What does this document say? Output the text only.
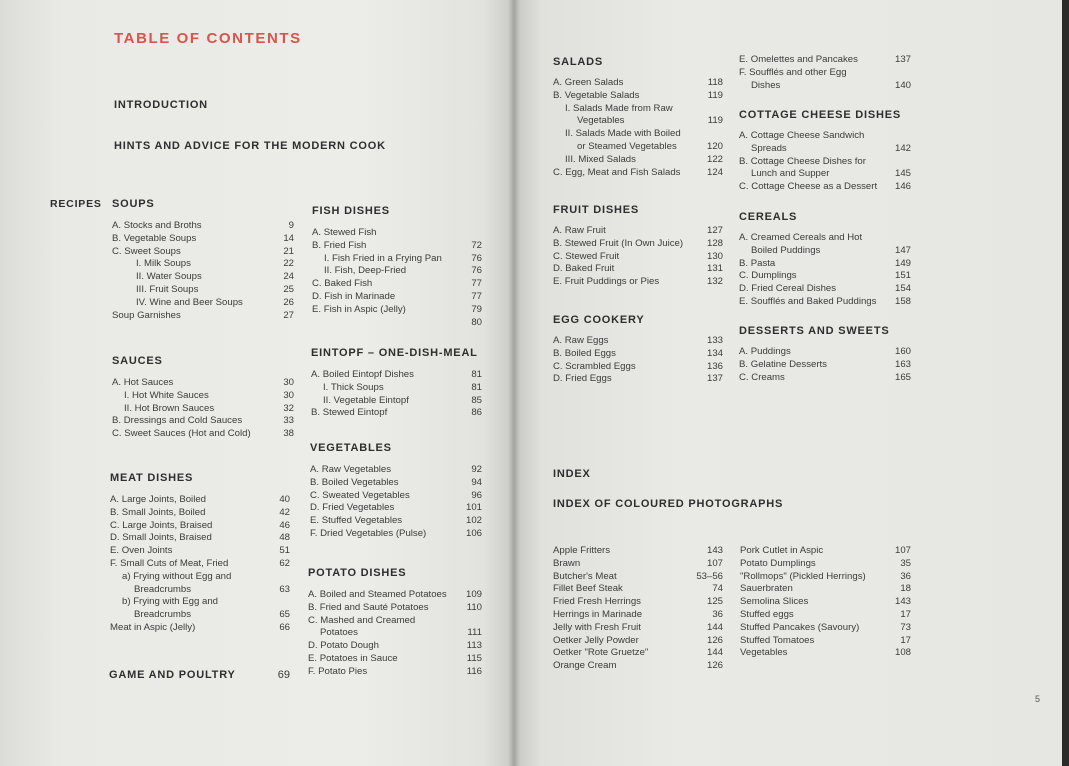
TABLE OF CONTENTS
INTRODUCTION
HINTS AND ADVICE FOR THE MODERN COOK
RECIPES SOUPS
A. Stocks and Broths	9
B. Vegetable Soups	14
C. Sweet Soups	21
I. Milk Soups	22
II. Water Soups	24
III. Fruit Soups	25
IV. Wine and Beer Soups	26
Soup Garnishes	27
SAUCES
A. Hot Sauces	30
I. Hot White Sauces	30
II. Hot Brown Sauces	32
B. Dressings and Cold Sauces	33
C. Sweet Sauces (Hot and Cold)	38
MEAT DISHES
A. Large Joints, Boiled	40
B. Small Joints, Boiled	42
C. Large Joints, Braised	46
D. Small Joints, Braised	48
E. Oven Joints	51
F. Small Cuts of Meat, Fried	62
a) Frying without Egg and
Breadcrumbs	63
b) Frying with Egg and
Breadcrumbs	65
Meat in Aspic (Jelly)	66
GAME AND POULTRY	69
FISH DISHES
A. Stewed Fish
B. Fried Fish	72
I. Fish Fried in a Frying Pan	76
II. Fish, Deep-Fried	76
C. Baked Fish	77
D. Fish in Marinade	77
E. Fish in Aspic (Jelly)	79
80
EINTOPF – ONE-DISH-MEAL
A. Boiled Eintopf Dishes	81
I. Thick Soups	81
II. Vegetable Eintopf	85
B. Stewed Eintopf	86
VEGETABLES
A. Raw Vegetables	92
B. Boiled Vegetables	94
C. Sweated Vegetables	96
D. Fried Vegetables	101
E. Stuffed Vegetables	102
F. Dried Vegetables (Pulse)	106
POTATO DISHES
A. Boiled and Steamed Potatoes	109
B. Fried and Sauté Potatoes	110
C. Mashed and Creamed
Potatoes	111
D. Potato Dough	113
E. Potatoes in Sauce	115
F. Potato Pies	116
SALADS
A. Green Salads	118
B. Vegetable Salads	119
I. Salads Made from Raw
Vegetables	119
II. Salads Made with Boiled
or Steamed Vegetables	120
III. Mixed Salads	122
C. Egg, Meat and Fish Salads	124
FRUIT DISHES
A. Raw Fruit	127
B. Stewed Fruit (In Own Juice)	128
C. Stewed Fruit	130
D. Baked Fruit	131
E. Fruit Puddings or Pies	132
EGG COOKERY
A. Raw Eggs	133
B. Boiled Eggs	134
C. Scrambled Eggs	136
D. Fried Eggs	137
E. Omelettes and Pancakes	137
F. Soufflés and other Egg
Dishes	140
COTTAGE CHEESE DISHES
A. Cottage Cheese Sandwich
Spreads	142
B. Cottage Cheese Dishes for
Lunch and Supper	145
C. Cottage Cheese as a Dessert	146
CEREALS
A. Creamed Cereals and Hot
Boiled Puddings	147
B. Pasta	149
C. Dumplings	151
D. Fried Cereal Dishes	154
E. Soufflés and Baked Puddings	158
DESSERTS AND SWEETS
A. Puddings	160
B. Gelatine Desserts	163
C. Creams	165
INDEX
INDEX OF COLOURED PHOTOGRAPHS
Apple Fritters	143
Brawn	107
Butcher's Meat	53–56
Fillet Beef Steak	74
Fried Fresh Herrings	125
Herrings in Marinade	36
Jelly with Fresh Fruit	144
Oetker Jelly Powder	126
Oetker "Rote Gruetze"	144
Orange Cream	126
Pork Cutlet in Aspic	107
Potato Dumplings	35
"Rollmops" (Pickled Herrings)	36
Sauerbraten	18
Semolina Slices	143
Stuffed eggs	17
Stuffed Pancakes (Savoury)	73
Stuffed Tomatoes	17
Vegetables	108
5
